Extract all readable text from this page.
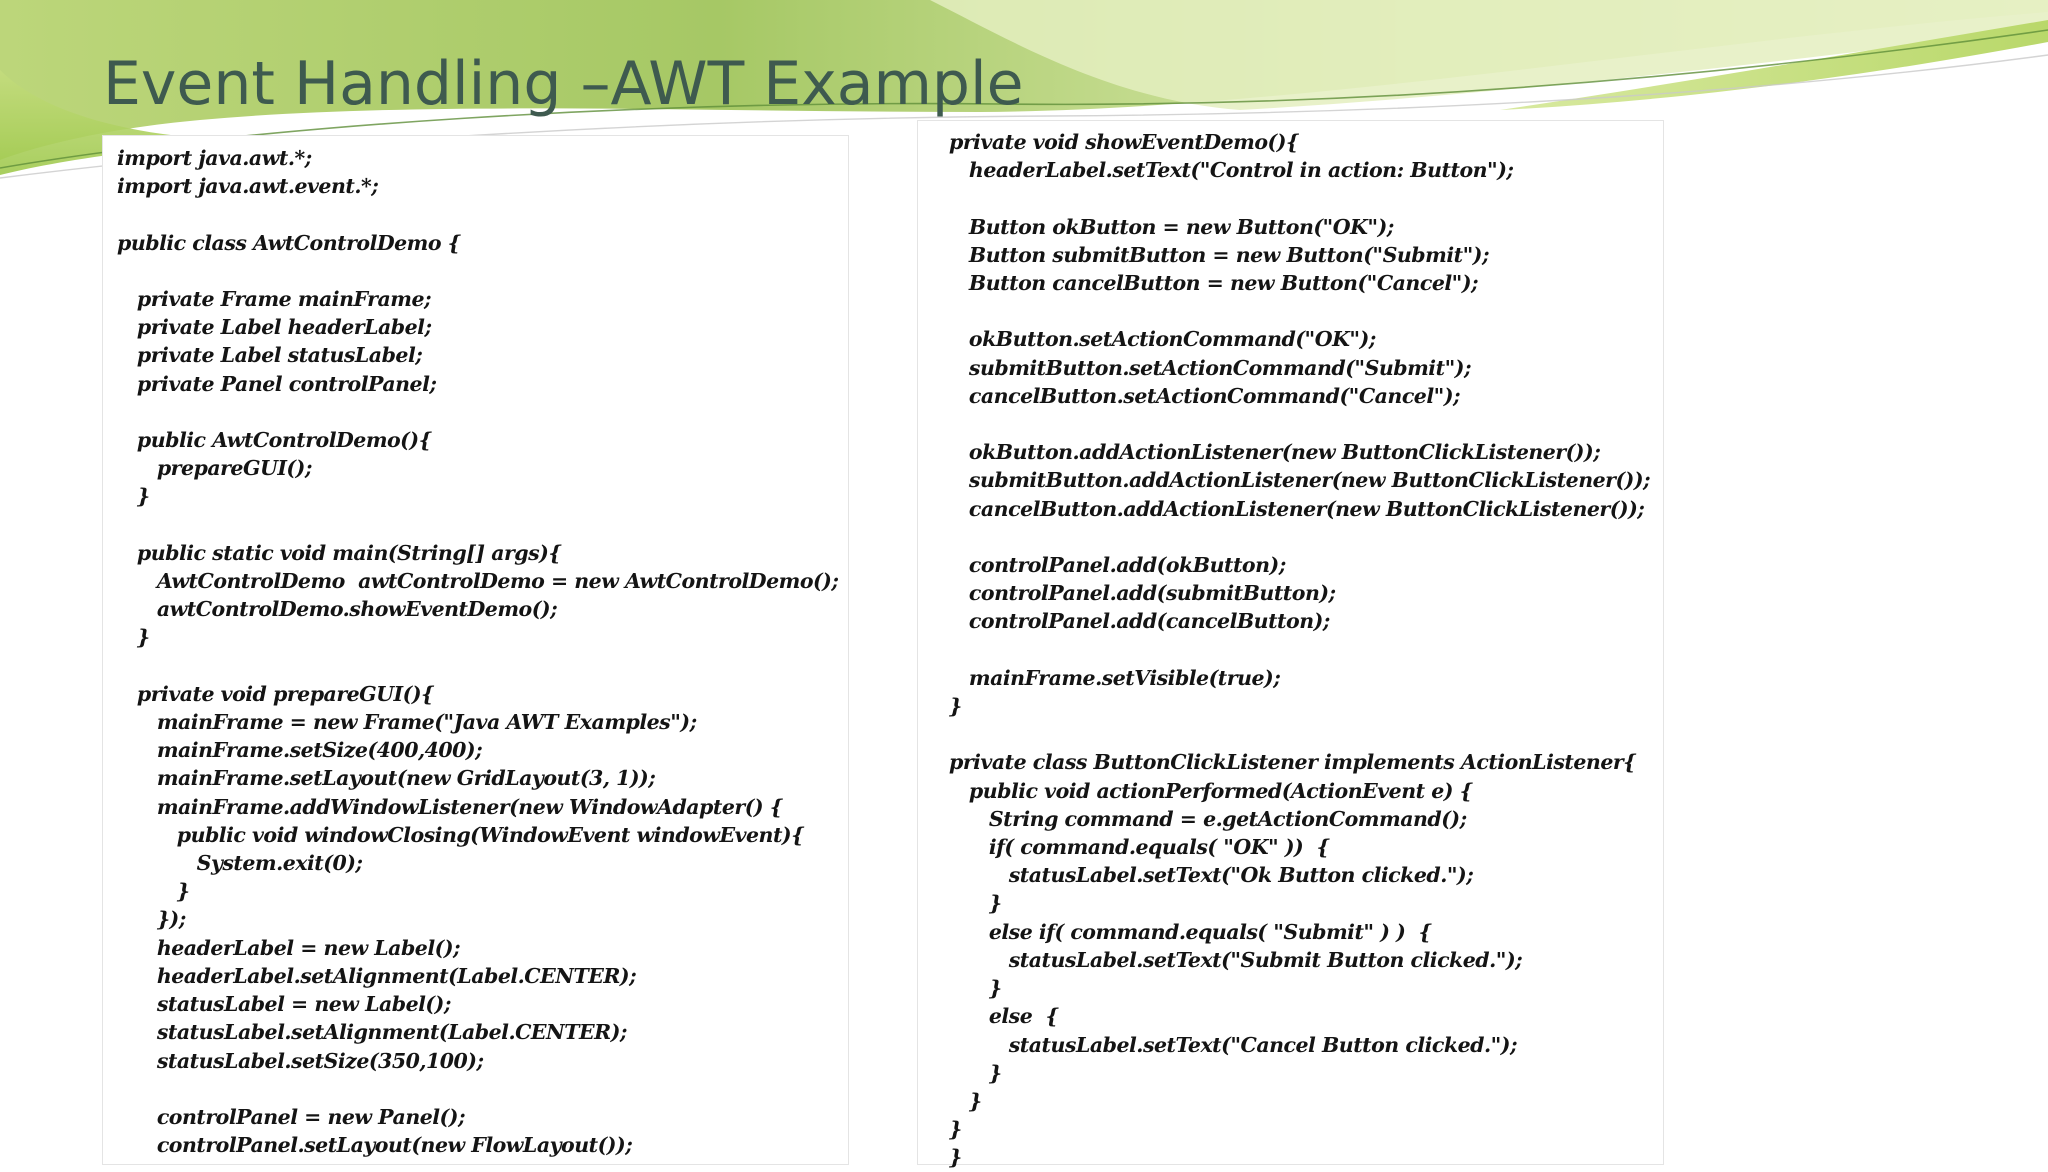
Event Handling –AWT Example
import java.awt.*;
import java.awt.event.*;

public class AwtControlDemo {

private Frame mainFrame;
private Label headerLabel;
private Label statusLabel;
private Panel controlPanel;

public AwtControlDemo(){
prepareGUI();
}

public static void main(String[] args){
AwtControlDemo  awtControlDemo = new AwtControlDemo();
awtControlDemo.showEventDemo();
}

private void prepareGUI(){
mainFrame = new Frame("Java AWT Examples");
mainFrame.setSize(400,400);
mainFrame.setLayout(new GridLayout(3, 1));
mainFrame.addWindowListener(new WindowAdapter() {
public void windowClosing(WindowEvent windowEvent){
System.exit(0);
}
});
headerLabel = new Label();
headerLabel.setAlignment(Label.CENTER);
statusLabel = new Label();
statusLabel.setAlignment(Label.CENTER);
statusLabel.setSize(350,100);

controlPanel = new Panel();
controlPanel.setLayout(new FlowLayout());
private void showEventDemo(){
headerLabel.setText("Control in action: Button");

Button okButton = new Button("OK");
Button submitButton = new Button("Submit");
Button cancelButton = new Button("Cancel");

okButton.setActionCommand("OK");
submitButton.setActionCommand("Submit");
cancelButton.setActionCommand("Cancel");

okButton.addActionListener(new ButtonClickListener());
submitButton.addActionListener(new ButtonClickListener());
cancelButton.addActionListener(new ButtonClickListener());

controlPanel.add(okButton);
controlPanel.add(submitButton);
controlPanel.add(cancelButton);

mainFrame.setVisible(true);
}

private class ButtonClickListener implements ActionListener{
public void actionPerformed(ActionEvent e) {
String command = e.getActionCommand();
if( command.equals( "OK" ))  {
statusLabel.setText("Ok Button clicked.");
}
else if( command.equals( "Submit" ) )  {
statusLabel.setText("Submit Button clicked.");
}
else  {
statusLabel.setText("Cancel Button clicked.");
}
}
}
}
